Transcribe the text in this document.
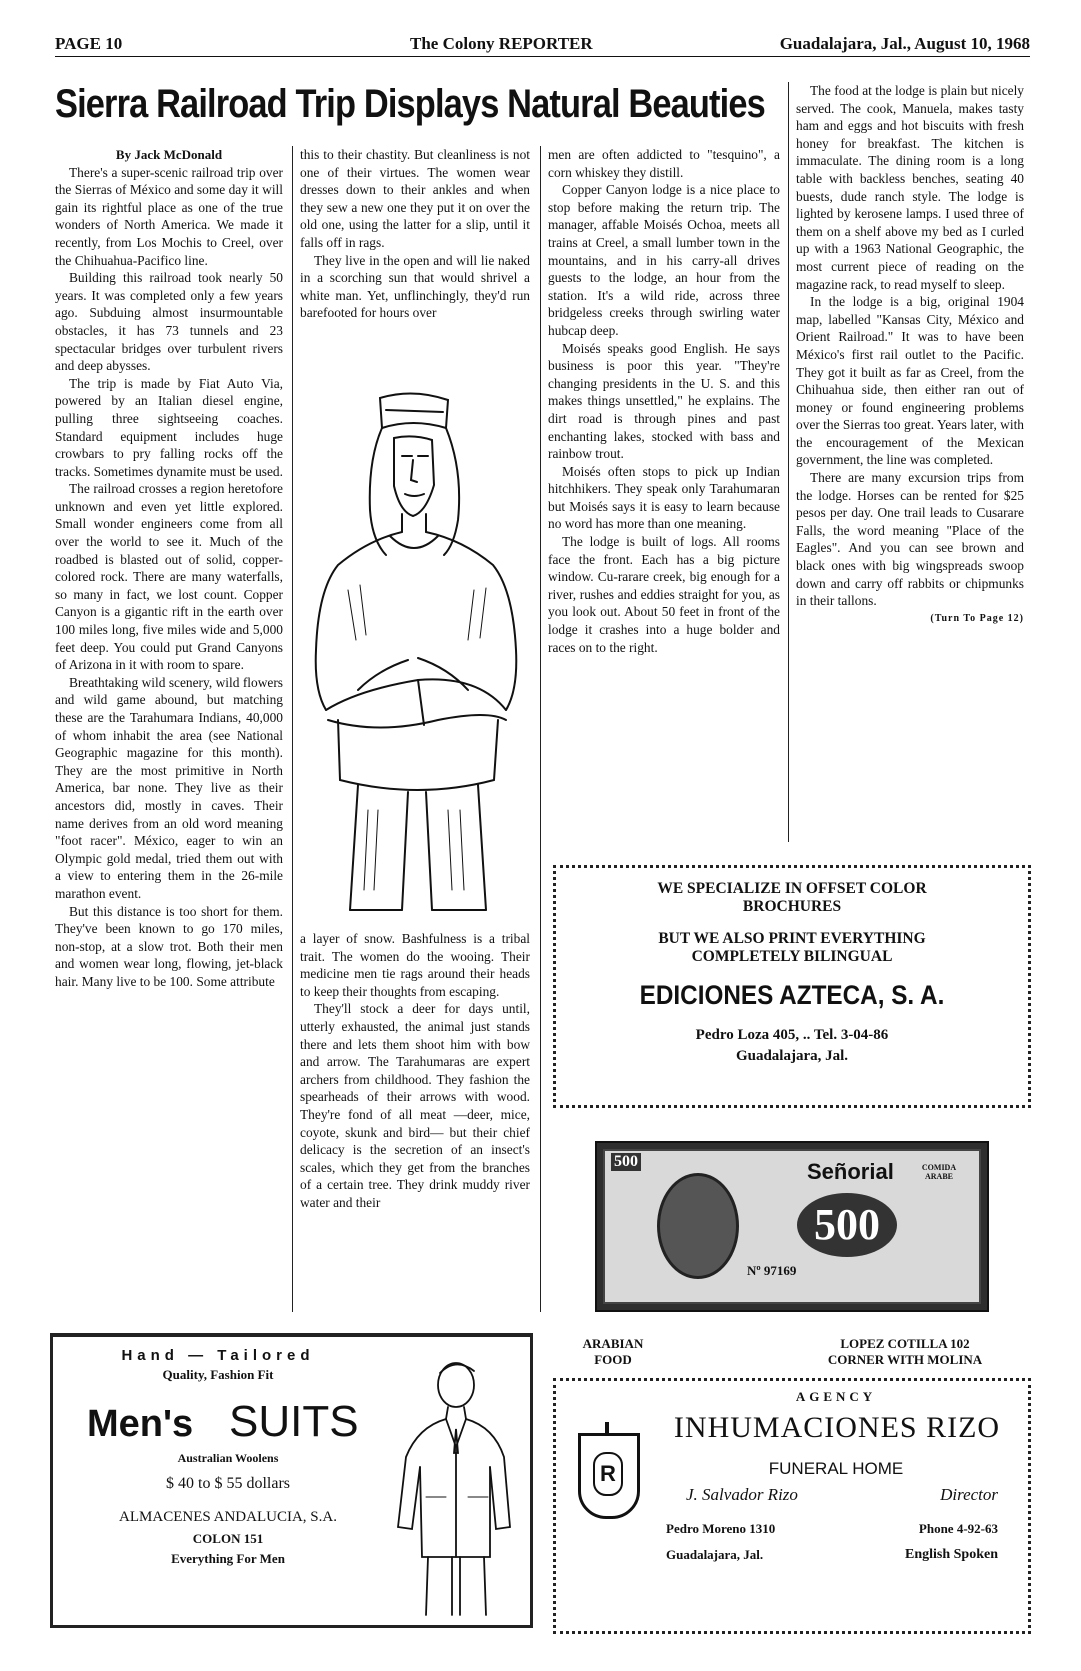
PAGE 10	The Colony REPORTER	Guadalajara, Jal., August 10, 1968
Sierra Railroad Trip Displays Natural Beauties

By Jack McDonald

There's a super-scenic railroad trip over the Sierras of México and some day it will gain its rightful place as one of the true wonders of North America. We made it recently, from Los Mochis to Creel, over the Chihuahua-Pacifico line.

Building this railroad took nearly 50 years. It was completed only a few years ago. Subduing almost insurmountable obstacles, it has 73 tunnels and 23 spectacular bridges over turbulent rivers and deep abysses.

The trip is made by Fiat Auto Via, powered by an Italian diesel engine, pulling three sightseeing coaches. Standard equipment includes huge crowbars to pry falling rocks off the tracks. Sometimes dynamite must be used.

The railroad crosses a region heretofore unknown and even yet little explored. Small wonder engineers come from all over the world to see it. Much of the roadbed is blasted out of solid, copper-colored rock. There are many waterfalls, so many in fact, we lost count. Copper Canyon is a gigantic rift in the earth over 100 miles long, five miles wide and 5,000 feet deep. You could put Grand Canyons of Arizona in it with room to spare.

Breathtaking wild scenery, wild flowers and wild game abound, but matching these are the Tarahumara Indians, 40,000 of whom inhabit the area (see National Geographic magazine for this month). They are the most primitive in North America, bar none. They live as their ancestors did, mostly in caves. Their name derives from an old word meaning "foot racer". México, eager to win an Olympic gold medal, tried them out with a view to entering them in the 26-mile marathon event.

But this distance is too short for them. They've been known to go 170 miles, non-stop, at a slow trot. Both their men and women wear long, flowing, jet-black hair. Many live to be 100. Some attribute

this to their chastity. But cleanliness is not one of their virtues. The women wear dresses down to their ankles and when they sew a new one they put it on over the old one, using the latter for a slip, until it falls off in rags.

They live in the open and will lie naked in a scorching sun that would shrivel a white man. Yet, unflinchingly, they'd run barefooted for hours over

a layer of snow. Bashfulness is a tribal trait. The women do the wooing. Their medicine men tie rags around their heads to keep their thoughts from escaping.

They'll stock a deer for days until, utterly exhausted, the animal just stands there and lets them shoot him with bow and arrow. The Tarahumaras are expert archers from childhood. They fashion the spearheads of their arrows with wood. They're fond of all meat —deer, mice, coyote, skunk and bird— but their chief delicacy is the secretion of an insect's scales, which they get from the branches of a certain tree. They drink muddy river water and their

men are often addicted to "tesquino", a corn whiskey they distill.

Copper Canyon lodge is a nice place to stop before making the return trip. The manager, affable Moisés Ochoa, meets all trains at Creel, a small lumber town in the mountains, and in his carry-all drives guests to the lodge, an hour from the station. It's a wild ride, across three bridgeless creeks through swirling water hubcap deep.

Moisés speaks good English. He says business is poor this year. "They're changing presidents in the U. S. and this makes things unsettled," he explains. The dirt road is through pines and past enchanting lakes, stocked with bass and rainbow trout.

Moisés often stops to pick up Indian hitchhikers. They speak only Tarahumaran but Moisés says it is easy to learn because no word has more than one meaning.

The lodge is built of logs. All rooms face the front. Each has a big picture window. Cu-rarare creek, big enough for a river, rushes and eddies straight for you, as you look out. About 50 feet in front of the lodge it crashes into a huge bolder and races on to the right.

The food at the lodge is plain but nicely served. The cook, Manuela, makes tasty ham and eggs and hot biscuits with fresh honey for breakfast. The kitchen is immaculate. The dining room is a long table with backless benches, seating 40 buests, dude ranch style. The lodge is lighted by kerosene lamps. I used three of them on a shelf above my bed as I curled up with a 1963 National Geographic, the most current piece of reading on the magazine rack, to read myself to sleep.

In the lodge is a big, original 1904 map, labelled "Kansas City, México and Orient Railroad." It was to have been México's first rail outlet to the Pacific. They got it built as far as Creel, from the Chihuahua side, then either ran out of money or found engineering problems over the Sierras too great. Years later, with the encouragement of the Mexican government, the line was completed.

There are many excursion trips from the lodge. Horses can be rented for $25 pesos per day. One trail leads to Cusarare Falls, the word meaning "Place of the Eagles". And you can see brown and black ones with big wingspreads swoop down and carry off rabbits or chipmunks in their tallons.

(Turn To Page 12)
WE SPECIALIZE IN OFFSET COLOR
BROCHURES
BUT WE ALSO PRINT EVERYTHING
COMPLETELY BILINGUAL
EDICIONES AZTECA, S. A.
Pedro Loza 405, .. Tel. 3-04-86
Guadalajara, Jal.
Señorial	COMIDA ARABE
500
500
Nº 97169
ARABIAN
FOOD
LOPEZ COTILLA 102
CORNER WITH MOLINA
R
AGENCY
INHUMACIONES RIZO
FUNERAL HOME
J. Salvador Rizo	Director
Pedro Moreno 1310	Phone 4-92-63
Guadalajara, Jal.	English Spoken
Hand — Tailored
Quality, Fashion Fit
Men's SUITS
Australian Woolens
$ 40 to $ 55 dollars
ALMACENES ANDALUCIA, S.A.
COLON 151
Everything For Men
